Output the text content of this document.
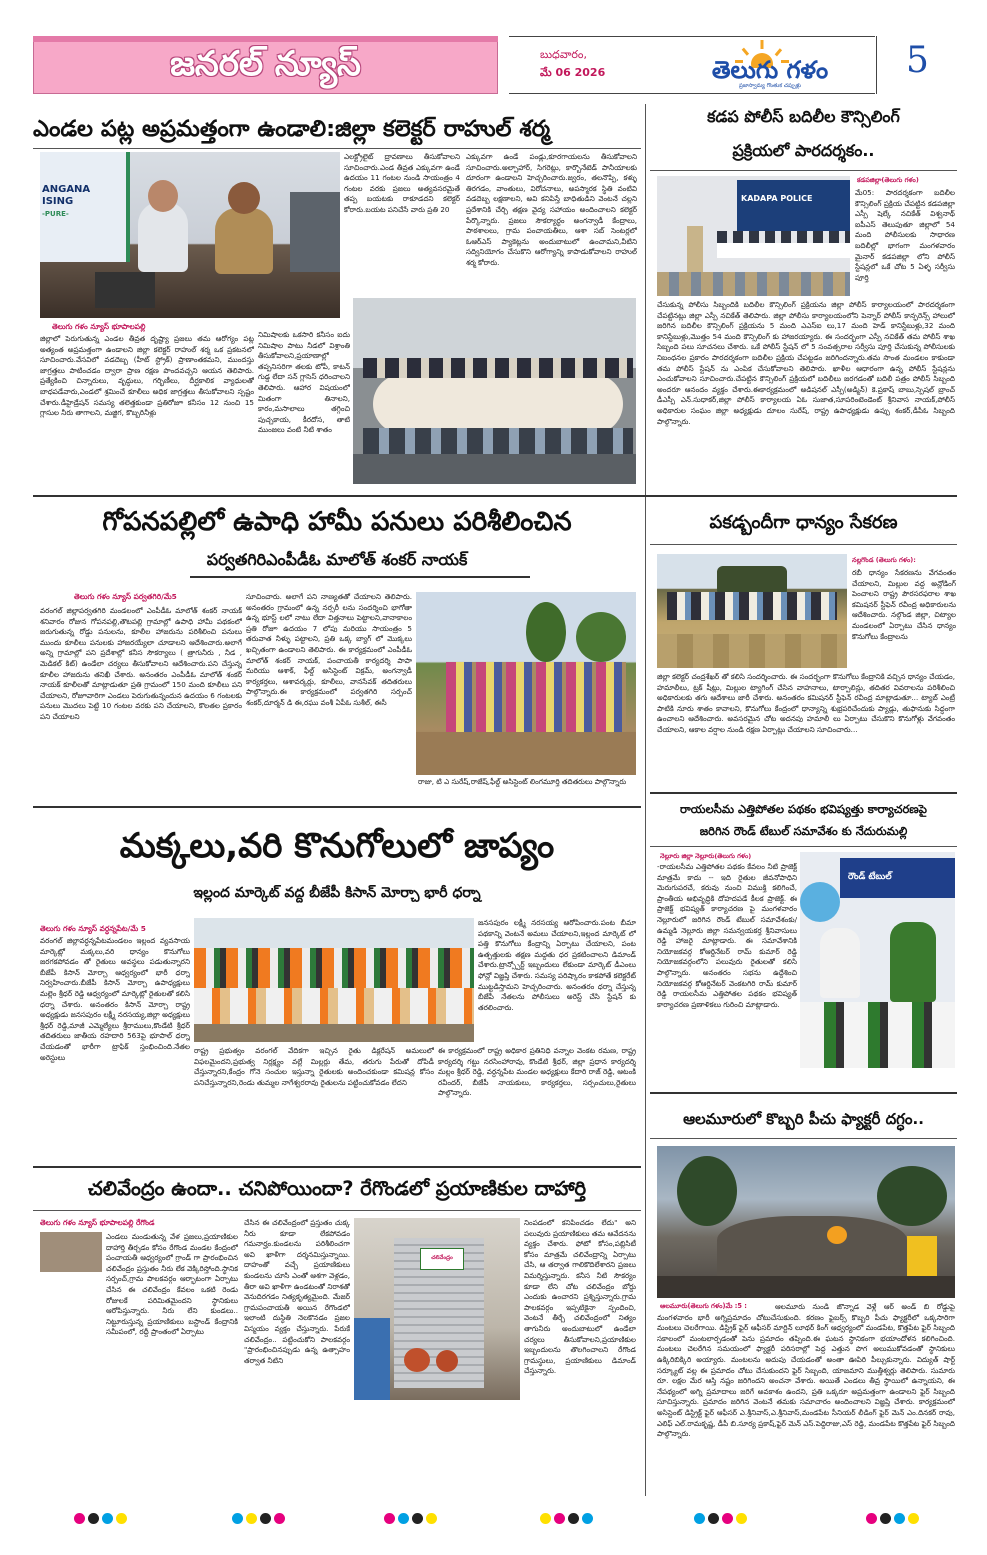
జనరల్ న్యూస్	బుధవారం,
మే 06 2026	తెలుగు గళం
ప్రజాస్వామ్య గొంతుక చప్పుళ్లు
5
ఎండల పట్ల అప్రమత్తంగా ఉండాలి:జిల్లా కలెక్టర్ రాహుల్ శర్మ
ANGANA
ISING
-PURE-
ఎలక్ట్రోలైట్ ద్రావణాలు తీసుకోవాలని సూచించారు.ఎండ తీవ్రత ఎక్కువగా ఉండే ఉదయం 11 గంటల నుండి సాయంత్రం 4 గంటల వరకు ప్రజలు అత్యవసరమైతే తప్ప బయటకు రాకూడదని కలెక్టర్ కోరారు.బయట పనిచేసే వారు ప్రతి 20
ఎక్కువగా ఉండే పండ్లు,కూరగాయలను తీసుకోవాలని సూచించారు.అల్పాహార్, సిగరెట్లు, కార్బొనేటెడ్ పానీయాలకు దూరంగా ఉండాలని హెచ్చరించారు.జ్వరం, తలనొప్పి, కళ్ళు తిరగడం, వాంతులు, విరోచనాలు, అపస్మారక స్థితి వంటివి వడదెబ్బ లక్షణాలని, అవి కనిపిస్తే బాధితుడిని వెంటనే చల్లని ప్రదేశానికి చేర్చి తక్షణ వైద్య సహాయం అందించాలని కలెక్టర్ పేర్కొన్నారు. ప్రజలు సౌకర్యార్థం అంగన్వాడీ కేంద్రాలు, పాఠశాలలు, గ్రామ పంచాయతీలు, ఆశా సబ్ సెంటర్లలో ఓఆర్ఎస్ ప్యాకెట్లను అందుబాటులో ఉంచామని,వీటిని సద్వినియోగం చేసుకొని ఆరోగ్యాన్ని కాపాడుకోవాలని రాహుల్ శర్మ కోరారు.
తెలుగు గళం న్యూస్ భూపాలపల్లి
జిల్లాలో పెరుగుతున్న ఎండల తీవ్రత దృష్ట్యా ప్రజలు తమ ఆరోగ్యం పట్ల అత్యంత అప్రమత్తంగా ఉండాలని జిల్లా కలెక్టర్ రాహుల్ శర్మ ఒక ప్రకటనలో సూచించారు.వేసవిలో వడదెబ్బ (హీట్ స్ట్రోక్) ప్రాణాంతకమని, ముందస్తు జాగ్రత్తలు పాటించడం ద్వారా ప్రాణ రక్షణ పొందవచ్చని ఆయన తెలిపారు. ప్రత్యేకించి చిన్నారులు, వృద్ధులు, గర్భిణీలు, దీర్ఘకాలిక వ్యాధులతో బాధపడేవారు,ఎండలో శ్రమించే కూలీలు అధిక జాగ్రత్తలు తీసుకోవాలని స్పష్టం చేశారు.డీహైడ్రేషన్ సమస్య తలెత్తకుండా ప్రతిరోజూ కనీసం 12 నుంచి 15 గ్లాసుల నీరు తాగాలని, మజ్జిగ, కొబ్బరినీళ్లు
నిమిషాలకు ఒకసారి కనీసం ఐదు నిమిషాల పాటు నీడలో విశ్రాంతి తీసుకోవాలని,ప్రయాణాల్లో తప్పనిసరిగా తలకు టోపీ, కాటన్ గుడ్డ లేదా సన్ గ్లాసెస్ ధరించాలని తెలిపారు. ఆహార విషయంలో మితంగా తినాలని, కారం,మసాలాలు తగ్గించి పుచ్చకాయ, కీరదోస, తాటి ముంజలు వంటి నీటి శాతం
కడప పోలీస్ బదిలీల కౌన్సిలింగ్
ప్రక్రియలో పారదర్శకం..
KADAPA POLICE
కడపజిల్లా(తెలుగు గళం)
మే05: పారదర్శకంగా బదిలీల కౌన్సిలింగ్ ప్రక్రియ చేపట్టిన కడపజిల్లా ఎస్పీ షెల్కే నచికేత్ విశ్వనాథ్ ఐపీఎస్ తెలుపుతూ జిల్లాలో 54 మంది పోలీసులకు సాధారణ బదిలీల్లో భాగంగా మంగళవారం మైనార్ కడపజిల్లా లోని పోలీస్ స్టేషన్లలో ఒకే చోట 5 ఏళ్ళ సర్వీసు పూర్తి
చేసుకున్న పోలీసు సిబ్బందికి బదిలీల కౌన్సిలింగ్ ప్రక్రియను జిల్లా పోలీస్ కార్యాలయంలో పారదర్శకంగా చేపట్టినట్లు జిల్లా ఎస్పీ నచికేత్ తెలిపారు. జిల్లా పోలీసు కార్యాలయంలోని పెన్నార్ పోలీస్ కాన్ఫరెన్స్ హాలులో జరిగిన బదిలీల కౌన్సిలింగ్ ప్రక్రియను 5 మంది ఎఎస్ఐ లు,17 మంది హెడ్ కానిస్టేబుళ్లు,32 మంది కానిస్టేబుళ్లు,మొత్తం 54 మంది కౌన్సిలింగ్ కు హాజరయ్యారు. ఈ సందర్భంగా ఎస్పీ నచికేత్ తమ పోలీస్ శాఖ సిబ్బంది పలు సూచనలు చేశారు. ఒకే పోలీస్ స్టేషన్ లో 5 సంవత్సరాల సర్వీసు పూర్తి చేసుకున్న పోలీసులకు నిబంధనల ప్రకారం పారదర్శకంగా బదిలీల ప్రక్రియ చేపట్టడం జరిగిందన్నారు.తమ సొంత మండలం కాకుండా తమ పోలీస్ స్టేషన్ ను ఎంపిక చేసుకోవాలని తెలిపారు. ఖాళీల ఆధారంగా ఉన్న పోలీస్ స్టేషన్లను ఎంచుకోవాలని సూచించారు.చేపట్టిన కౌన్సిలింగ్ ప్రక్రియలో బదిలీలు జరగడంతో బదిలీ పత్రం పోలీస్ సిబ్బంది అందరూ ఆనందం వ్యక్తం చేశారు.ఈకార్యక్రమంలో అడిషనల్ ఎస్పీ(అడ్మిన్) కె.ప్రకాష్ బాబు,స్పెషల్ బ్రాంచ్ డీఎస్పీ ఎన్.సుధాకర్,జిల్లా పోలీస్ కార్యాలయ ఏఓ సుజాత,సూపరింటెండెంట్ శ్రీనివాస నాయక్,పోలీస్ అధికారుల సంఘం జిల్లా అధ్యక్షుడు దూలం సురేష్, రాష్ట్ర ఉపాధ్యక్షుడు ఉప్పు శంకర్,డీపీఓ సిబ్బంది పాల్గొన్నారు.
గోపనపల్లిలో ఉపాధి హామీ పనులు పరిశీలించిన
పర్వతగిరిఎంపీడీఓ మాలోత్ శంకర్ నాయక్
తెలుగు గళం న్యూస్ పర్వతగిరి/మే5
వరంగల్ జిల్లాపర్వతగిరి మండలంలో ఎంపీడీఓ మాలోత్ శంకర్ నాయక్ శనివారం రోజున గోపనపల్లి,తౌటపల్లి గ్రామాల్లో ఉపాధి హామీ పథకంలో జరుగుతున్న రోడ్డు పనులను, కూలీల హాజరును పరిశీలించి పనులు ముందు కూలీలు పనులకు హాజరయ్యేలా చూడాలని ఆదేశించారు.అలాగే అన్ని గ్రామాల్లో పని ప్రదేశాల్లో కనీస సౌకర్యాలు ( త్రాగునీరు , నీడ , మెడికల్ కిట్) ఉండేలా చర్యలు తీసుకోవాలని ఆదేశించారు.పని చేస్తున్న కూలీల హాజరును తనిఖీ చేశారు. అనంతరం ఎంపీడీఓ మాలోత్ శంకర్ నాయక్ కూలీలతో మాట్లాడుతూ ప్రతి గ్రామంలో 150 మంది కూలీలు పని చేయాలని, రోజూవారిగా ఎండలు పెరుగుతున్నందున ఉదయం 6 గంటలకు పనులు మొదలు పెట్టి 10 గంటల వరకు పని చేయాలని, కొలతల ప్రకారం పని చేయాలని
సూచించారు. అలాగే పని నాణ్యతతో చేయాలని తెలిపారు. అనంతరం గ్రామంలో ఉన్న నర్సరీ లను సందర్శించి భాగోతా ఉన్న భూస్ట్ లలో నాటు లేదా విత్తనాలు పెట్టాలని,వానాకాలం ప్రతి రోజూ ఉదయం 7 లోపు మరియు సాయంత్రం 5 తరువాత నీళ్ళు పట్టాలని, ప్రతి ఒక్క బ్యాగ్ లో మొక్కలు ఖచ్చితంగా ఉండాలని తెలిపారు. ఈ కార్యక్రమంలో ఎంపీడీఓ మాలోత్ శంకర్ నాయక్, పంచాయతీ కార్యదర్శి పాపా మరియు ఆశాక్, ఫీల్డ్ అసిస్టెంట్ విక్రమ్, అంగన్వాడీ కార్యకర్తలు, ఆశావర్కర్లు, కూలీలు, వానసేవక్ తదితరులు పాల్గొన్నారు.ఈ కార్యక్రమంలో పర్వతగిరి సర్పంచ్ శంకర్,దూర్మన్ డి ఈ,రఘు వంశీ ఏపీఓ సుశీల్, ఈసీ
రాజు, టి ఎ సురేష్,రాజేష్,ఫీల్డ్ అసిస్టెంట్ లింగమూర్తి తదితరులు పాల్గొన్నారు
పకడ్బందీగా ధాన్యం సేకరణ
నల్లగొండ (తెలుగు గళం):
రబీ ధాన్యం సేకరణను వేగవంతం చేయాలని, మిల్లుల వద్ద అన్లోడింగ్ పెంచాలని రాష్ట్ర పౌరసరఫరాల శాఖ కమిషనర్ స్టీఫెన్ రవీంద్ర అధికారులను ఆదేశించారు. నల్గొండ జిల్లా, చిట్యాల మండలంలో ఏర్పాటు చేసిన ధాన్యం కొనుగోలు కేంద్రాలను
జిల్లా కలెక్టర్ చంద్రశేఖర్ తో కలిసి సందర్శించారు. ఈ సందర్భంగా కొనుగోలు కేంద్రానికి వచ్చిన ధాన్యం చేయడం, హమాలీలు, ట్రక్ షీట్లు, మిల్లుల ట్యాగింగ్ చేసిన వాహనాలు, టార్పాలిన్లు, తదితర వివరాలను పరిశీలించి అధికారులకు తగు ఆదేశాలు జారీ చేశారు. అనంతరం కమిషనర్ స్టీఫెన్ రవీంద్ర మాట్లాడుతూ... ట్యాబ్ ఎంట్రీ పాటికి నూరు శాతం కావాలని, కొనుగోలు కేంద్రంలో ధాన్యాన్ని శుభ్రపరిచేందుకు ప్యాడ్లు, తుఫానుకు సిద్ధంగా ఉంచాలని ఆదేశించారు. అవసరమైన చోట అదనపు హమాలీ లు ఏర్పాటు చేసుకొని కొనుగోళ్లు వేగవంతం చేయాలని, ఆకాల వర్షాల నుండి రక్షణ ఏర్పాట్లు చేయాలని సూచించారు...
మక్కలు,వరి కొనుగోలులో జాప్యం
ఇల్లంద మార్కెట్ వద్ద బీజేపీ కిసాన్ మోర్చా భారీ ధర్నా
తెలుగు గళం న్యూస్ వర్ధన్నపేట/మే 5
వరంగల్ జిల్లావర్ధన్నపేటమండలం ఇల్లంద వ్యవసాయ మార్కెట్లో మక్కలు,వరి ధాన్యం కొనుగోలు జరగకపోవడం తో రైతులు అవస్థలు పడుతున్నారని బీజేపీ కిసాన్ మోర్చా ఆధ్వర్యంలో భారీ ధర్నా నిర్వహించారు.బీజేపీ కిసాన్ మోర్చా ఉపాధ్యక్షులు మల్లెం శ్రీధర్ రెడ్డి ఆధ్వర్యంలో మార్కెట్లో రైతులతో కలిసి ధర్నా చేశారు. అనంతరం కిసాన్ మోర్చా రాష్ట్ర అధ్యక్షుడు జనసపురం లక్ష్మీ నరసయ్య,జిల్లా అధ్యక్షులు శ్రీధర్ రెడ్డి,మాజీ ఎమ్మెల్యేలు శ్రీరాములు,కొండేటి శ్రీధర్ తదితరులు జాతీయ రహదారి 563పై భూపాల్ ధర్నా చేయడంతో భారీగా ట్రాఫిక్ స్తంభించింది.నేతల అరెస్టులు
జనసపురం లక్ష్మీ నరసయ్య ఆరోపించారు.పంట బీమా పథకాన్ని వెంటనే అమలు చేయాలని,ఇల్లంద మార్కెట్ లో పత్తి కొనుగోలు కేంద్రాన్ని ఏర్పాటు చేయాలని, పంట ఉత్పత్తులకు తక్షణ మద్దతు ధర ప్రకటించాలని డిమాండ్ చేశారు.ట్రాన్స్పోర్ట్ ఇబ్బందులు లేకుండా మార్కెట్ డీఎంలు ఫోన్లో విజ్ఞప్తి చేశారు. సమస్య పరిష్కారం కాకపోతే కలెక్టరేట్ ముట్టడిస్తామని హెచ్చరించారు. అనంతరం ధర్నా చేస్తున్న బీజేపీ నేతలను పోలీసులు అరెస్ట్ చేసి స్టేషన్ కు తరలించారు.
రాష్ట్ర ప్రభుత్వం వరంగల్ వేదికగా ఇచ్చిన రైతు డిక్లరేషన్ అమలులో విఫలమైందని,ప్రభుత్వ నిర్లక్ష్యం వల్లే మిల్లర్లు తేమ, తరుగు పేరుతో దోపిడీ చేస్తున్నారని,కేంద్రం గోనె సంచుల ఇస్తున్నా రైతులకు అందించకుండా కమిషన్ల కోసం పనిచేస్తున్నారని,రెండు తుమ్మల నాగేశ్వరరావు రైతులను పట్టించుకోవడం లేదని
ఈ కార్యక్రమంలో రాష్ట్ర అధికార ప్రతినిధి వన్నాల వెంకట రమణ, రాష్ట్ర కార్యదర్శి గట్టు నరసింహారావు, కొండేటి శ్రీధర్, జిల్లా ప్రధాన కార్యదర్శి మల్లం శ్రీధర్ రెడ్డి, వర్ధన్నపేట మండల అధ్యక్షులు కేదారి రాజ్ రెడ్డి, ఆటంకి రవీందర్, బీజేపీ నాయకులు, కార్యకర్తలు, సర్పంచులు,రైతులు పాల్గొన్నారు.
రాయలసీమ ఎత్తిపోతల పథకం భవిష్యత్తు కార్యాచరణపై
జరిగిన రౌండ్ టేబుల్ సమావేశం కు నేదురుమల్లి
నెల్లూరు జిల్లా నెల్లూరు(తెలుగు గళం)
-రాయలసీమ ఎత్తిపోతల పథకం కేవలం నీటి ప్రాజెక్ట్ మాత్రమే కాదు -- ఇది రైతుల జీవనోపాధిని మెరుగుపరచే, కరువు నుంచి విముక్తి కలిగించే, ప్రాంతీయ అభివృద్ధికి దోహదపడే కీలక ప్రాజెక్ట్. ఈ ప్రాజెక్ట్ భవిష్యత్ కార్యాచరణ పై మంగళవారం నెల్లూరులో జరిగిన రౌండ్ టేబుల్ సమావేశంకు/ ఉమ్మడి నెల్లూరు జిల్లా సమన్వయకర్త శ్రీనివాసులు రెడ్డి హాజరై మాట్లాడారు. ఈ సమావేశానికి నియోజకవర్గ కోఆర్డినేటర్ రామ్ కుమార్ రెడ్డి నియోజకవర్గంలోని పలువురు రైతులతో కలిసి పాల్గొన్నారు. అనంతరం సభను ఉద్దేశించి నియోజకవర్గ కోఆర్డినేటర్ వెంకటగిరి రామ్ కుమార్ రెడ్డి రాయలసీమ ఎత్తిపోతల పథకం భవిష్యత్ కార్యాచరణ ప్రణాళికలు గురించి మాట్లాడారు.
రౌండ్ టేబుల్
చలివేంద్రం ఉందా.. చనిపోయిందా? రేగొండలో ప్రయాణికుల దాహార్తి
తెలుగు గళం న్యూస్ భూపాలపల్లి రేగొండ
ఎండలు మండుతున్న వేళ ప్రజలు,ప్రయాణికుల దాహార్తి తీర్చడం కోసం రేగొండ మండల కేంద్రంలో పంచాయతీ ఆధ్వర్యంలో గ్రాండ్ గా ప్రారంభించిన చలివేంద్రం ప్రస్తుతం నీరు లేక వెక్కిరిస్తోంది.స్థానిక సర్పంచ్,గ్రామ పాలకవర్గం ఆర్భాటంగా ఏర్పాటు చేసిన ఈ చలివేంద్రం కేవలం ఒకటి రెండు రోజులకే పరిమితమైందని స్థానికులు ఆరోపిస్తున్నారు. నీరు లేని కుండలు.. నిట్టూరుస్తున్న ప్రయాణికులు బస్టాండ్ కేంద్రానికి సమీపంలో, రద్దీ ప్రాంతంలో ఏర్పాటు
చేసిన ఈ చలివేంద్రంలో ప్రస్తుతం చుక్క నీరు కూడా లేకపోవడం గమనార్హం.కుండలను పరిశీలించగా అవి ఖాళీగా దర్శనమిస్తున్నాయి. దాహంతో వచ్చే ప్రయాణికులు కుండలను చూసి ఎంతో ఆశగా వెళ్లడం, తీరా అవి ఖాళీగా ఉండటంతో నిరాశతో వెనుదిరగడం నిత్యకృత్యమైంది. మేజర్ గ్రామపంచాయతీ అయిన రేగొండలో ఇలాంటి దుస్థితి నెలకొనడం ప్రజల విస్మయం వ్యక్తం చేస్తున్నారు. పేరుకే చలివేంద్రం.. పట్టించుకోని పాలకవర్గం "ప్రారంభించినప్పుడు ఉన్న ఉత్సాహం తర్వాత నీటిని
చలివేంద్రం
నింపడంలో కనిపించడం లేదు" అని పలువురు ప్రయాణికులు తమ ఆవేదనను వ్యక్తం చేశారు. ఫోటో కోసం,పబ్లిసిటీ కోసం మాత్రమే చలివేంద్రాన్ని ఏర్పాటు చేసి, ఆ తర్వాత గాలికొదిలేశారని ప్రజలు విమర్శిస్తున్నారు. కనీస నీటి సౌకర్యం కూడా లేని చోట చలివేంద్రం బోర్డు ఎందుకు ఉంచారని ప్రశ్నిస్తున్నారు.గ్రామ పాలకవర్గం ఇప్పటికైనా స్పందించి, వెంటనే తీర్చే చలివేంద్రంలో నిత్యం తాగునీరు అందుబాటులో ఉండేలా చర్యలు తీసుకోవాలని,ప్రయాణికుల ఇబ్బందులను తొలగించాలని రేగొండ గ్రామస్థులు, ప్రయాణికులు డిమాండ్ చేస్తున్నారు.
ఆలమూరులో కొబ్బరి పీచు ఫ్యాక్టరీ దగ్ధం..
ఆలమూరు(తెలుగు గళం)మే :5 :	ఆలమూరు నుండి జొన్నాడ వెళ్లే ఆర్ అండ్ బి రోడ్డుపై మంగళవారం భారీ అగ్నిప్రమాదం చోటుచేసుకుంది. కరణం ఫైబర్స్ కొబ్బరి పీచు ఫ్యాక్టరీలో ఒక్కసారిగా మంటలు చెలరేగాయి. డిస్ట్రిక్ ఫైర్ ఆఫీసర్ మార్టిన్ లూథర్ కింగ్ ఆధ్వర్యంలో మండపేట, కొత్తపేట ఫైర్ సిబ్బంది సకాలంలో మంటలార్పడంతో పెను ప్రమాదం తప్పింది.ఈ ఘటన స్థానికంగా భయాందోళన కలిగించింది. మంటలు చెలరేగిన సమయంలో ఫ్యాక్టరీ పరిసరాల్లో పెద్ద ఎత్తున పొగ అలుముకోవడంతో స్థానికులు ఉక్కిరిబిక్కిరి అయ్యారు. మంటలను అదుపు చేయడంతో అంతా ఊపిరి పీల్చుకున్నారు. విద్యుత్ షార్ట్ సర్క్యూట్ వల్ల ఈ ప్రమాదం చోటు చేసుకుందని ఫైర్ సిబ్బంది, యాజమాని ముత్తీశ్వర్లు తెలిపారు. సుమారు రూ. లక్షల మేర ఆస్తి నష్టం జరిగిందని అంచనా వేశారు. అయితే ఎండలు తీవ్ర స్థాయిలో ఉన్నాయని, ఈ నేపథ్యంలో అగ్ని ప్రమాదాలు జరిగే అవకాశం ఉందని, ప్రతి ఒక్కరూ అప్రమత్తంగా ఉండాలని ఫైర్ సిబ్బంది సూచిస్తున్నారు. ప్రమాదం జరిగిన వెంటనే తమకు సమాచారం అందించాలని విజ్ఞప్తి చేశారు. కార్యక్రమంలో అసిస్టెంట్ డిస్ట్రిక్ట్ ఫైర్ ఆఫీసర్ ఎ.శ్రీనివాస్,ఎ.శ్రీనివాస్,మండపేట సీనియర్ లీడింగ్ ఫైర్ మెన్ ఎం.దినకర్ రావు, ఎలిఫ్ ఎల్.రామకృష్ణ, డీపీ బి.సూర్య ప్రకాష్,ఫైర్ మెన్ ఎస్.పెద్దిరాజు,ఎస్ రెడ్డి, మండపేట కొత్తపేట ఫైర్ సిబ్బంది పాల్గొన్నారు.
